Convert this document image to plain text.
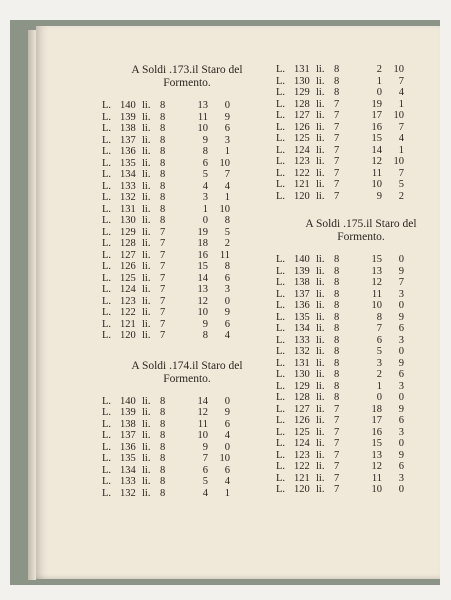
A Soldi .173.il Staro del
Formento.
L. 140 li. 8	13	0
L. 139 li. 8	11	9
L. 138 li. 8	10	6
L. 137 li. 8	9	3
L. 136 li. 8	8	1
L. 135 li. 8	6	10
L. 134 li. 8	5	7
L. 133 li. 8	4	4
L. 132 li. 8	3	1
L. 131 li. 8	1	10
L. 130 li. 8	0	8
L. 129 li. 7	19	5
L. 128 li. 7	18	2
L. 127 li. 7	16	11
L. 126 li. 7	15	8
L. 125 li. 7	14	6
L. 124 li. 7	13	3
L. 123 li. 7	12	0
L. 122 li. 7	10	9
L. 121 li. 7	9	6
L. 120 li. 7	8	4
A Soldi .174.il Staro del
Formento.
L. 140 li. 8	14	0
L. 139 li. 8	12	9
L. 138 li. 8	11	6
L. 137 li. 8	10	4
L. 136 li. 8	9	0
L. 135 li. 8	7	10
L. 134 li. 8	6	6
L. 133 li. 8	5	4
L. 132 li. 8	4	1
L. 131 li. 8	2	10
L. 130 li. 8	1	7
L. 129 li. 8	0	4
L. 128 li. 7	19	1
L. 127 li. 7	17	10
L. 126 li. 7	16	7
L. 125 li. 7	15	4
L. 124 li. 7	14	1
L. 123 li. 7	12	10
L. 122 li. 7	11	7
L. 121 li. 7	10	5
L. 120 li. 7	9	2
A Soldi .175.il Staro del
Formento.
L. 140 li. 8	15	0
L. 139 li. 8	13	9
L. 138 li. 8	12	7
L. 137 li. 8	11	3
L. 136 li. 8	10	0
L. 135 li. 8	8	9
L. 134 li. 8	7	6
L. 133 li. 8	6	3
L. 132 li. 8	5	0
L. 131 li. 8	3	9
L. 130 li. 8	2	6
L. 129 li. 8	1	3
L. 128 li. 8	0	0
L. 127 li. 7	18	9
L. 126 li. 7	17	6
L. 125 li. 7	16	3
L. 124 li. 7	15	0
L. 123 li. 7	13	9
L. 122 li. 7	12	6
L. 121 li. 7	11	3
L. 120 li. 7	10	0
